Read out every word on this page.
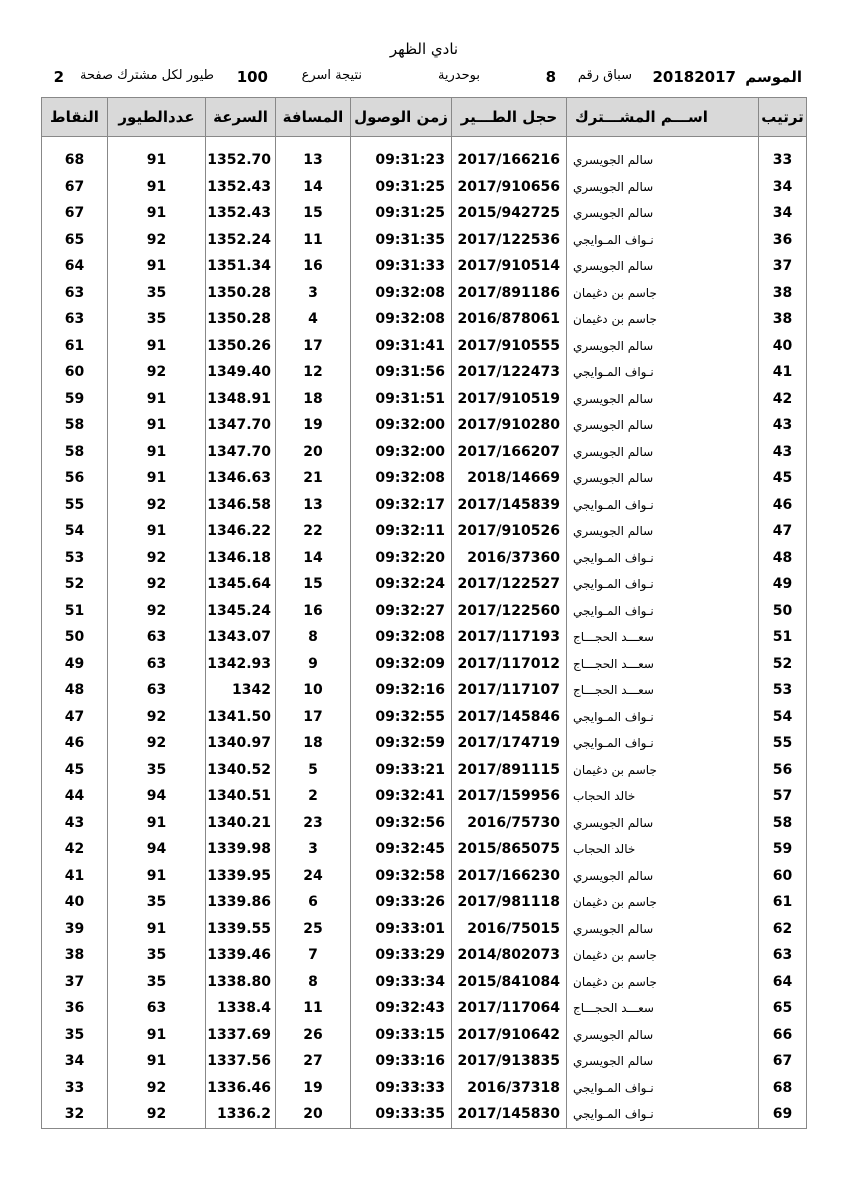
نادي الظهر
الموسم
20182017
سباق رقم
8
بوحدرية
نتيجة اسرع
100
طيور لكل مشترك صفحة
2
ترتيب	اســـم المشـــترك	حجل الطـــير	زمن الوصول	المسافة	السرعة	عددالطيور	النقاط

33	سالم الجويسري	2017/166216	09:31:23	13	1352.70	91	68
34	سالم الجويسري	2017/910656	09:31:25	14	1352.43	91	67
34	سالم الجويسري	2015/942725	09:31:25	15	1352.43	91	67
36	نـواف المـوايجي	2017/122536	09:31:35	11	1352.24	92	65
37	سالم الجويسري	2017/910514	09:31:33	16	1351.34	91	64
38	جاسم بن دغيمان	2017/891186	09:32:08	3	1350.28	35	63
38	جاسم بن دغيمان	2016/878061	09:32:08	4	1350.28	35	63
40	سالم الجويسري	2017/910555	09:31:41	17	1350.26	91	61
41	نـواف المـوايجي	2017/122473	09:31:56	12	1349.40	92	60
42	سالم الجويسري	2017/910519	09:31:51	18	1348.91	91	59
43	سالم الجويسري	2017/910280	09:32:00	19	1347.70	91	58
43	سالم الجويسري	2017/166207	09:32:00	20	1347.70	91	58
45	سالم الجويسري	2018/14669	09:32:08	21	1346.63	91	56
46	نـواف المـوايجي	2017/145839	09:32:17	13	1346.58	92	55
47	سالم الجويسري	2017/910526	09:32:11	22	1346.22	91	54
48	نـواف المـوايجي	2016/37360	09:32:20	14	1346.18	92	53
49	نـواف المـوايجي	2017/122527	09:32:24	15	1345.64	92	52
50	نـواف المـوايجي	2017/122560	09:32:27	16	1345.24	92	51
51	سعـــد الحجـــاج	2017/117193	09:32:08	8	1343.07	63	50
52	سعـــد الحجـــاج	2017/117012	09:32:09	9	1342.93	63	49
53	سعـــد الحجـــاج	2017/117107	09:32:16	10	1342	63	48
54	نـواف المـوايجي	2017/145846	09:32:55	17	1341.50	92	47
55	نـواف المـوايجي	2017/174719	09:32:59	18	1340.97	92	46
56	جاسم بن دغيمان	2017/891115	09:33:21	5	1340.52	35	45
57	خالد الحجاب	2017/159956	09:32:41	2	1340.51	94	44
58	سالم الجويسري	2016/75730	09:32:56	23	1340.21	91	43
59	خالد الحجاب	2015/865075	09:32:45	3	1339.98	94	42
60	سالم الجويسري	2017/166230	09:32:58	24	1339.95	91	41
61	جاسم بن دغيمان	2017/981118	09:33:26	6	1339.86	35	40
62	سالم الجويسري	2016/75015	09:33:01	25	1339.55	91	39
63	جاسم بن دغيمان	2014/802073	09:33:29	7	1339.46	35	38
64	جاسم بن دغيمان	2015/841084	09:33:34	8	1338.80	35	37
65	سعـــد الحجـــاج	2017/117064	09:32:43	11	1338.4	63	36
66	سالم الجويسري	2017/910642	09:33:15	26	1337.69	91	35
67	سالم الجويسري	2017/913835	09:33:16	27	1337.56	91	34
68	نـواف المـوايجي	2016/37318	09:33:33	19	1336.46	92	33
69	نـواف المـوايجي	2017/145830	09:33:35	20	1336.2	92	32
